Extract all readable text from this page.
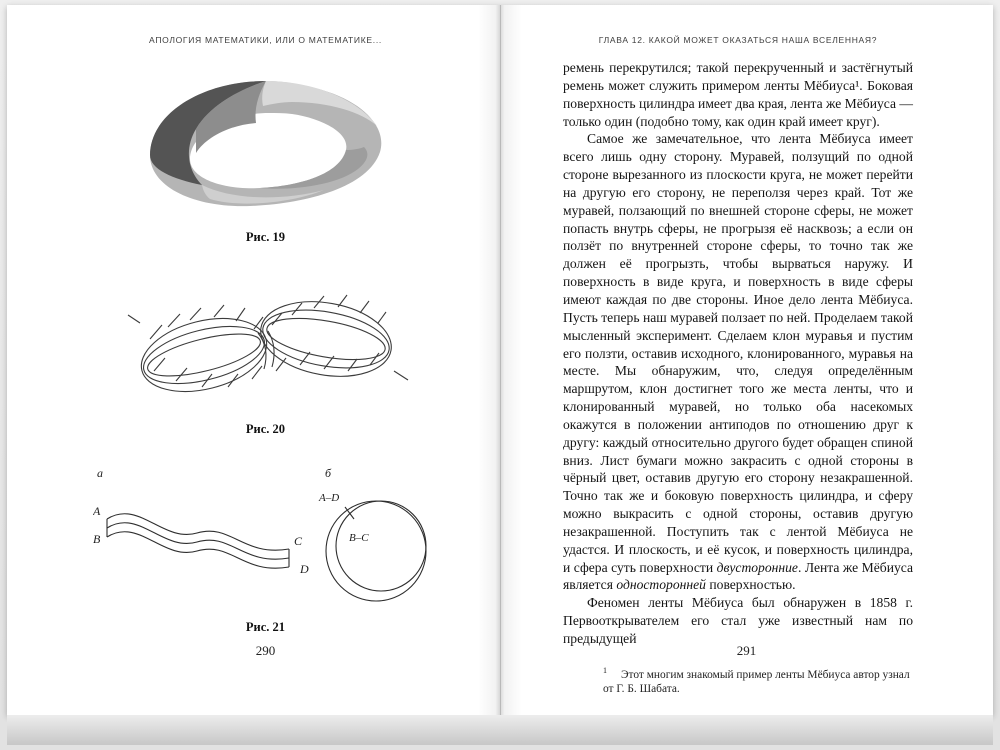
АПОЛОГИЯ МАТЕМАТИКИ, ИЛИ О МАТЕМАТИКЕ...
Рис. 19
Рис. 20
а
A
B	C
D
б
A–D
B–C
Рис. 21
290
ГЛАВА 12. КАКОЙ МОЖЕТ ОКАЗАТЬСЯ НАША ВСЕЛЕННАЯ?

ремень перекрутился; такой перекрученный и застёгнутый ремень может служить примером ленты Мёбиуса¹. Боковая поверхность цилиндра имеет два края, лента же Мёбиуса — только один (подобно тому, как один край имеет круг).

Самое же замечательное, что лента Мёбиуса имеет всего лишь одну сторону. Муравей, ползущий по одной стороне вырезанного из плоскости круга, не может перейти на другую его сторону, не переползя через край. Тот же муравей, ползающий по внешней стороне сферы, не может попасть внутрь сферы, не прогрызя её насквозь; а если он ползёт по внутренней стороне сферы, то точно так же должен её прогрызть, чтобы вырваться наружу. И поверхность в виде круга, и поверхность в виде сферы имеют каждая по две стороны. Иное дело лента Мёбиуса. Пусть теперь наш муравей ползает по ней. Проделаем такой мысленный эксперимент. Сделаем клон муравья и пустим его ползти, оставив исходного, клонированного, муравья на месте. Мы обнаружим, что, следуя определённым маршрутом, клон достигнет того же места ленты, что и клонированный муравей, но только оба насекомых окажутся в положении антиподов по отношению друг к другу: каждый относительно другого будет обращен спиной вниз. Лист бумаги можно закрасить с одной стороны в чёрный цвет, оставив другую его сторону незакрашенной. Точно так же и боковую поверхность цилиндра, и сферу можно выкрасить с одной стороны, оставив другую незакрашенной. Поступить так с лентой Мёбиуса не удастся. И плоскость, и её кусок, и поверхность цилиндра, и сфера суть поверхности двусторонние. Лента же Мёбиуса является односторонней поверхностью.

Феномен ленты Мёбиуса был обнаружен в 1858 г. Первооткрывателем его стал уже известный нам по предыдущей

$^1$ Этот многим знакомый пример ленты Мёбиуса автор узнал от Г. Б. Шабата.
291
